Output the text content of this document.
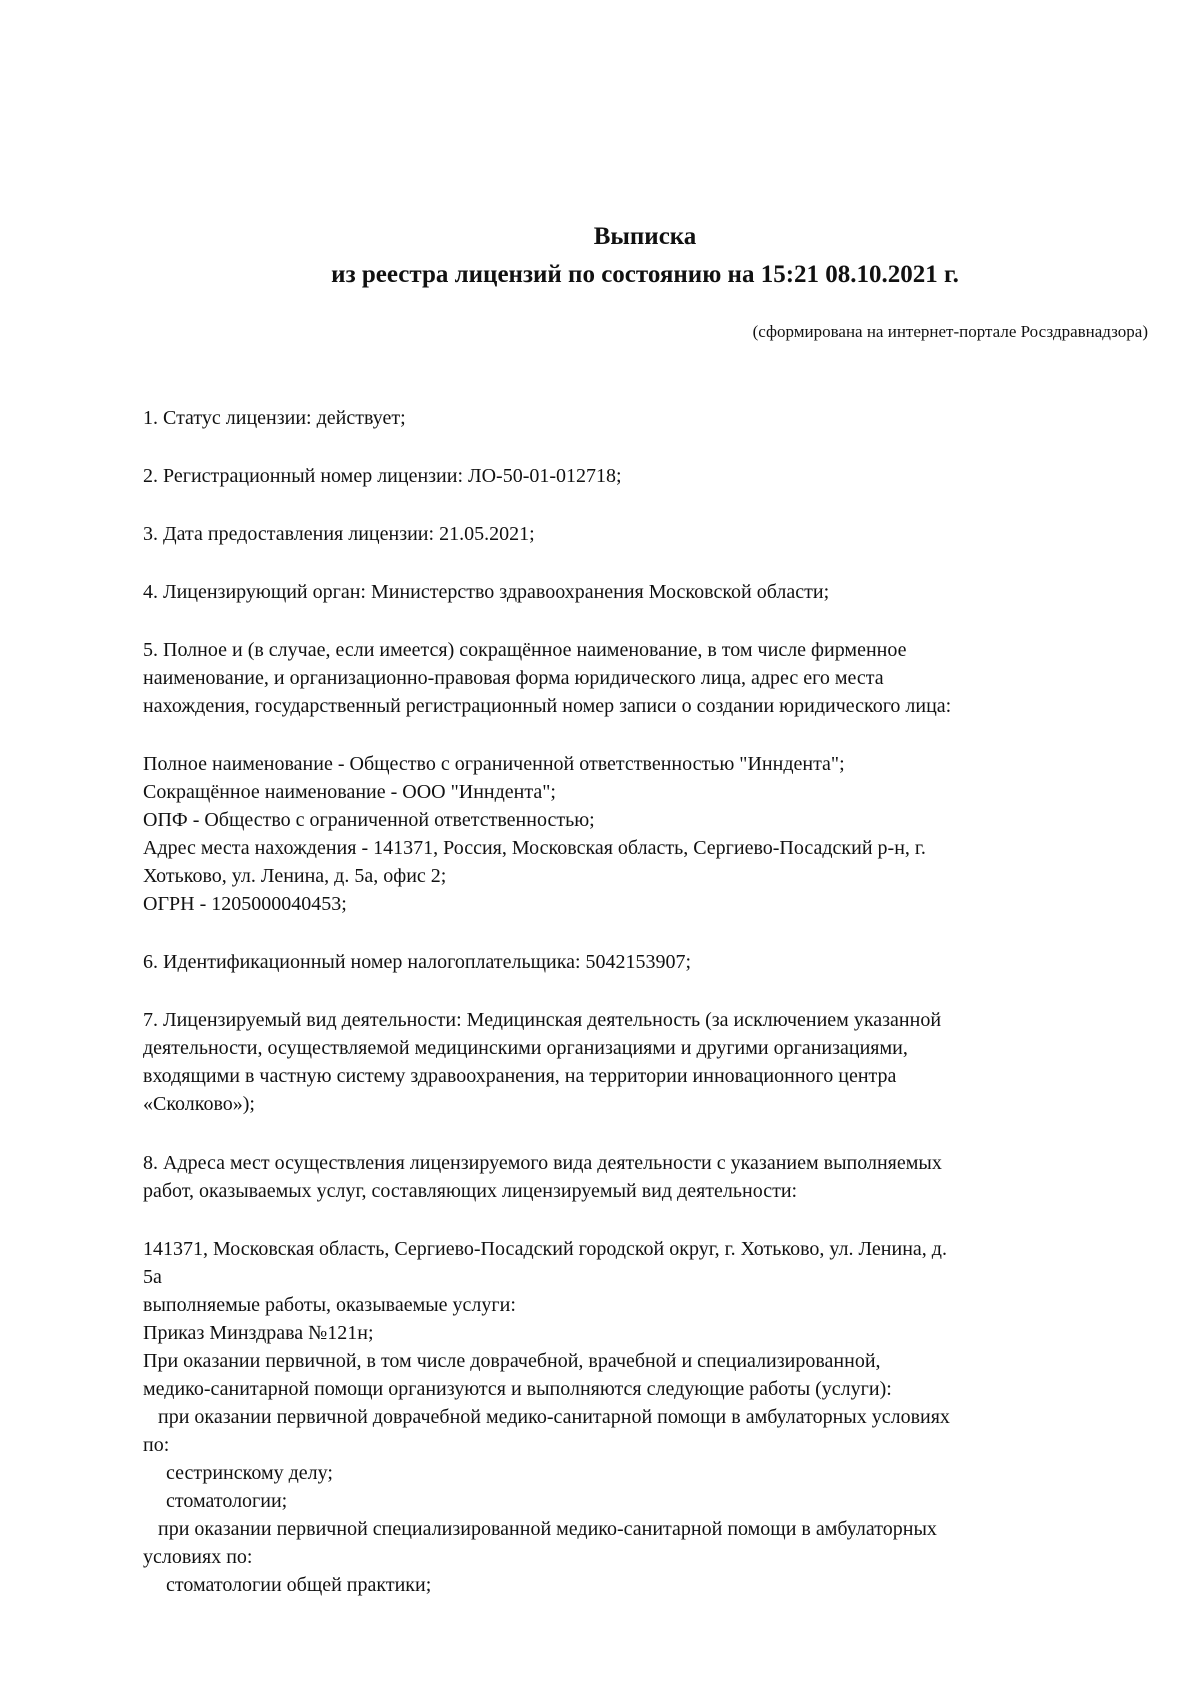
Выписка
из реестра лицензий по состоянию на 15:21 08.10.2021 г.
(сформирована на интернет-портале Росздравнадзора)
1. Статус лицензии: действует;
2. Регистрационный номер лицензии: ЛО-50-01-012718;
3. Дата предоставления лицензии: 21.05.2021;
4. Лицензирующий орган: Министерство здравоохранения Московской области;
5. Полное и (в случае, если имеется) сокращённое наименование, в том числе фирменное
наименование, и организационно-правовая форма юридического лица, адрес его места
нахождения, государственный регистрационный номер записи о создании юридического лица:
Полное наименование - Общество с ограниченной ответственностью "Инндента";
Сокращённое наименование - ООО "Инндента";
ОПФ - Общество с ограниченной ответственностью;
Адрес места нахождения - 141371, Россия, Московская область, Сергиево-Посадский р-н, г.
Хотьково, ул. Ленина, д. 5а, офис 2;
ОГРН - 1205000040453;
6. Идентификационный номер налогоплательщика: 5042153907;
7. Лицензируемый вид деятельности: Медицинская деятельность (за исключением указанной
деятельности, осуществляемой медицинскими организациями и другими организациями,
входящими в частную систему здравоохранения, на территории инновационного центра
«Сколково»);
8. Адреса мест осуществления лицензируемого вида деятельности с указанием выполняемых
работ, оказываемых услуг, составляющих лицензируемый вид деятельности:
141371, Московская область, Сергиево-Посадский городской округ, г. Хотьково, ул. Ленина, д.
5а
выполняемые работы, оказываемые услуги:
Приказ Минздрава №121н;
При оказании первичной, в том числе доврачебной, врачебной и специализированной,
медико-санитарной помощи организуются и выполняются следующие работы (услуги):
при оказании первичной доврачебной медико-санитарной помощи в амбулаторных условиях
по:
сестринскому делу;
стоматологии;
при оказании первичной специализированной медико-санитарной помощи в амбулаторных
условиях по:
стоматологии общей практики;
